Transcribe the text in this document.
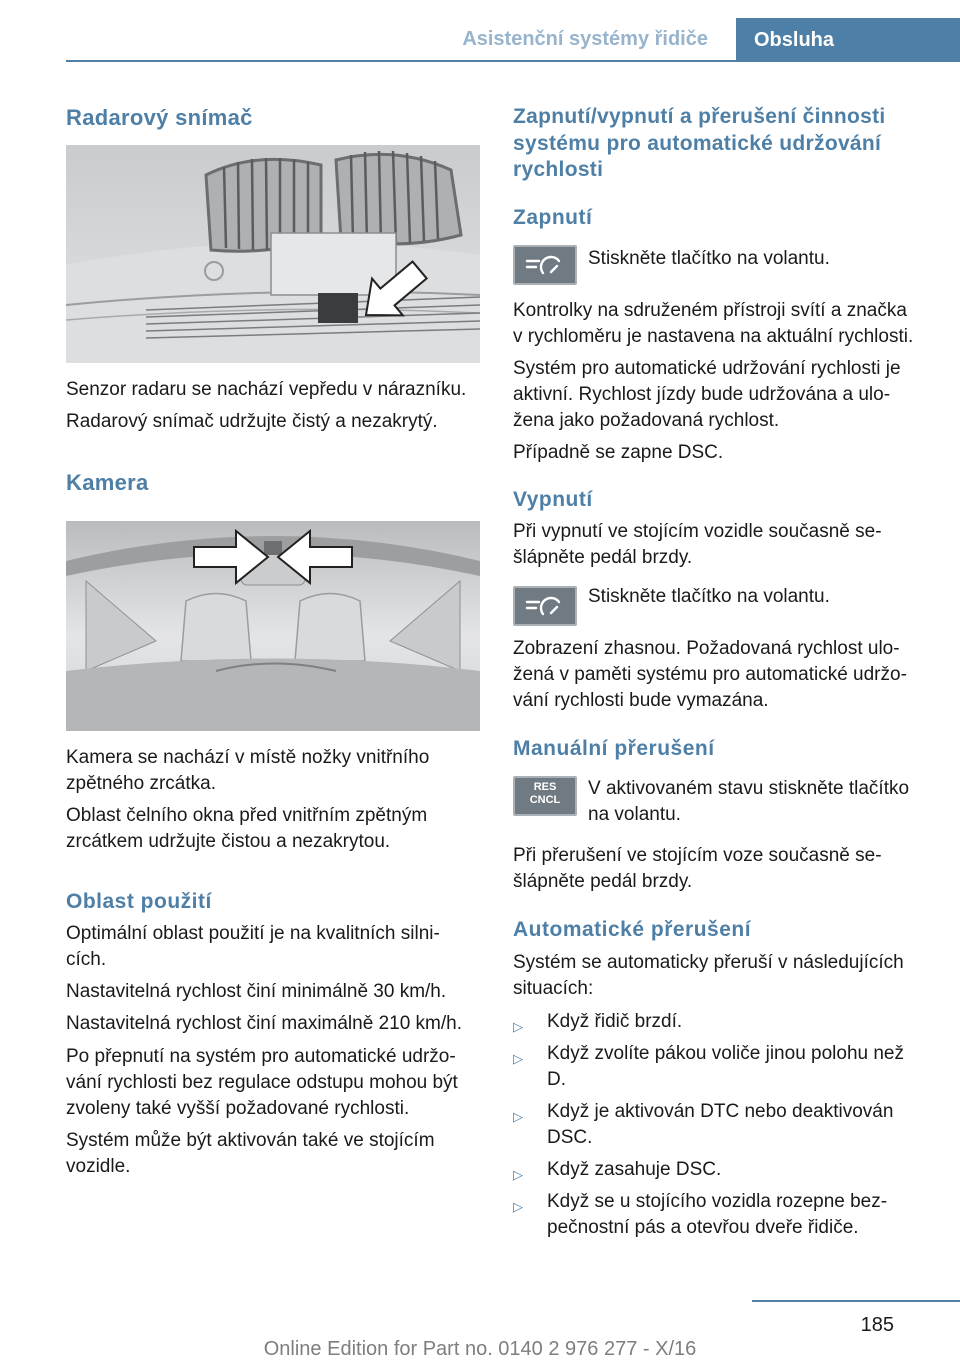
Asistenční systémy řidiče	Obsluha
Radarový snímač
Senzor radaru se nachází vepředu v nárazníku.
Radarový snímač udržujte čistý a nezakrytý.
Kamera
Kamera se nachází v místě nožky vnitřního
zpětného zrcátka.
Oblast čelního okna před vnitřním zpětným
zrcátkem udržujte čistou a nezakrytou.
Oblast použití
Optimální oblast použití je na kvalitních silni-
cích.
Nastavitelná rychlost činí minimálně 30 km/h.
Nastavitelná rychlost činí maximálně 210 km/h.
Po přepnutí na systém pro automatické udržo-
vání rychlosti bez regulace odstupu mohou být
zvoleny také vyšší požadované rychlosti.
Systém může být aktivován také ve stojícím
vozidle.
Zapnutí/vypnutí a přerušení činnosti
systému pro automatické udržování
rychlosti
Zapnutí
Stiskněte tlačítko na volantu.
Kontrolky na sdruženém přístroji svítí a značka
v rychloměru je nastavena na aktuální rychlosti.
Systém pro automatické udržování rychlosti je
aktivní. Rychlost jízdy bude udržována a ulo-
žena jako požadovaná rychlost.
Případně se zapne DSC.
Vypnutí
Při vypnutí ve stojícím vozidle současně se-
šlápněte pedál brzdy.
Stiskněte tlačítko na volantu.
Zobrazení zhasnou. Požadovaná rychlost ulo-
žená v paměti systému pro automatické udržo-
vání rychlosti bude vymazána.
Manuální přerušení
RES
CNCL
V aktivovaném stavu stiskněte tlačítko
na volantu.
Při přerušení ve stojícím voze současně se-
šlápněte pedál brzdy.
Automatické přerušení
Systém se automaticky přeruší v následujících
situacích:
▷ Když řidič brzdí.
▷ Když zvolíte pákou voliče jinou polohu než
D.
▷ Když je aktivován DTC nebo deaktivován
DSC.
▷ Když zasahuje DSC.
▷ Když se u stojícího vozidla rozepne bez-
pečnostní pás a otevřou dveře řidiče.
185
Online Edition for Part no. 0140 2 976 277 - X/16
